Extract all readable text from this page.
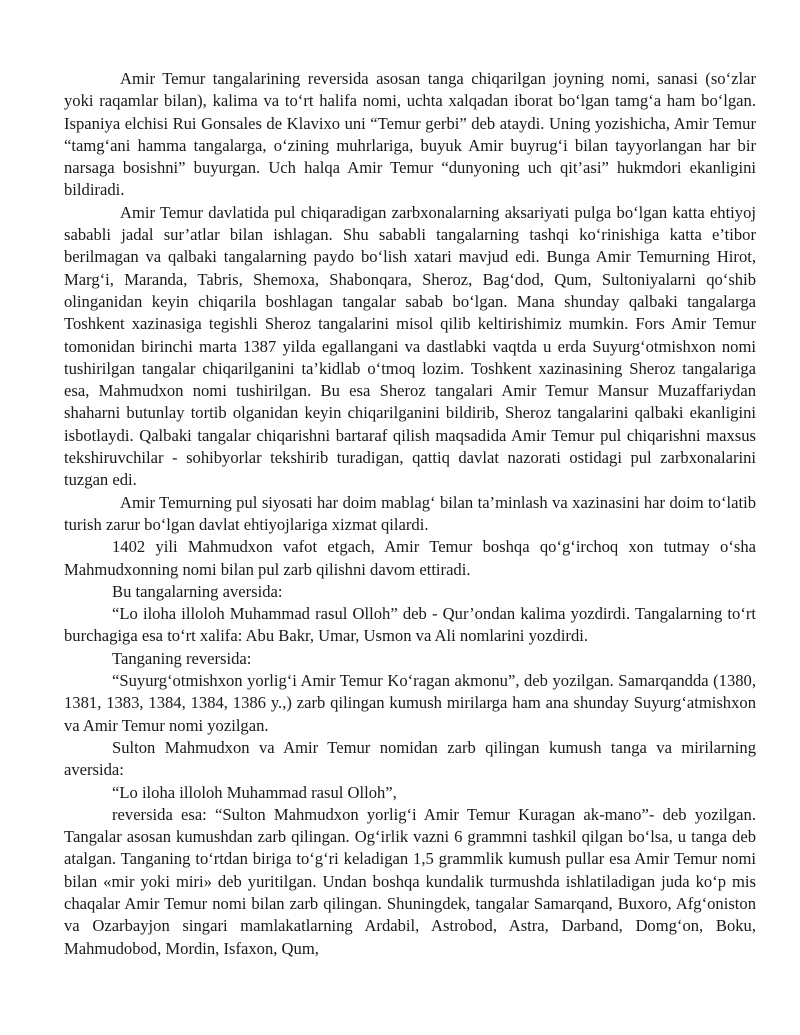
Amir Temur tangalarining reversida asosan tanga chiqarilgan joyning nomi, sanasi (so‘zlar yoki raqamlar bilan), kalima va to‘rt halifa nomi, uchta xalqadan iborat bo‘lgan tamg‘a ham bo‘lgan. Ispaniya elchisi Rui Gonsales de Klavixo uni “Temur gerbi” deb ataydi. Uning yozishicha, Amir Temur “tamg‘ani hamma tangalarga, o‘zining muhrlariga, buyuk Amir buyrug‘i bilan tayyorlangan har bir narsaga bosishni” buyurgan. Uch halqa Amir Temur “dunyoning uch qit’asi” hukmdori ekanligini bildiradi.

Amir Temur davlatida pul chiqaradigan zarbxonalarning aksariyati pulga bo‘lgan katta ehtiyoj sababli jadal sur’atlar bilan ishlagan. Shu sababli tangalarning tashqi ko‘rinishiga katta e’tibor berilmagan va qalbaki tangalarning paydo bo‘lish xatari mavjud edi. Bunga Amir Temurning Hirot, Marg‘i, Maranda, Tabris, Shemoxa, Shabonqara, Sheroz, Bag‘dod, Qum, Sultoniyalarni qo‘shib olinganidan keyin chiqarila boshlagan tangalar sabab bo‘lgan. Mana shunday qalbaki tangalarga Toshkent xazinasiga tegishli Sheroz tangalarini misol qilib keltirishimiz mumkin. Fors Amir Temur tomonidan birinchi marta 1387 yilda egallangani va dastlabki vaqtda u erda Suyurg‘otmishxon nomi tushirilgan tangalar chiqarilganini ta’kidlab o‘tmoq lozim. Toshkent xazinasining Sheroz tangalariga esa, Mahmudxon nomi tushirilgan. Bu esa Sheroz tangalari Amir Temur Mansur Muzaffariydan shaharni butunlay tortib olganidan keyin chiqarilganini bildirib, Sheroz tangalarini qalbaki ekanligini isbotlaydi. Qalbaki tangalar chiqarishni bartaraf qilish maqsadida Amir Temur pul chiqarishni maxsus tekshiruvchilar - sohibyorlar tekshirib turadigan, qattiq davlat nazorati ostidagi pul zarbxonalarini tuzgan edi.

Amir Temurning pul siyosati har doim mablag‘ bilan ta’minlash va xazinasini har doim to‘latib turish zarur bo‘lgan davlat ehtiyojlariga xizmat qilardi.

1402 yili Mahmudxon vafot etgach, Amir Temur boshqa qo‘g‘irchoq xon tutmay o‘sha Mahmudxonning nomi bilan pul zarb qilishni davom ettiradi.

Bu tangalarning aversida:

“Lo iloha illoloh Muhammad rasul Olloh” deb - Qur’ondan kalima yozdirdi. Tangalarning to‘rt burchagiga esa to‘rt xalifa: Abu Bakr, Umar, Usmon va Ali nomlarini yozdirdi.

Tanganing reversida:

“Suyurg‘otmishxon yorlig‘i Amir Temur Ko‘ragan akmonu”, deb yozilgan. Samarqandda (1380, 1381, 1383, 1384, 1384, 1386 y.,) zarb qilingan kumush mirilarga ham ana shunday Suyurg‘atmishxon va Amir Temur nomi yozilgan.

Sulton Mahmudxon va Amir Temur nomidan zarb qilingan kumush tanga va mirilarning aversida:

“Lo iloha illoloh Muhammad rasul Olloh”,

reversida esa: “Sulton Mahmudxon yorlig‘i Amir Temur Kuragan ak-mano”- deb yozilgan. Tangalar asosan kumushdan zarb qilingan. Og‘irlik vazni 6 grammni tashkil qilgan bo‘lsa, u tanga deb atalgan. Tanganing to‘rtdan biriga to‘g‘ri keladigan 1,5 grammlik kumush pullar esa Amir Temur nomi bilan «mir yoki miri» deb yuritilgan. Undan boshqa kundalik turmushda ishlatiladigan juda ko‘p mis chaqalar Amir Temur nomi bilan zarb qilingan. Shuningdek, tangalar Samarqand, Buxoro, Afg‘oniston va Ozarbayjon singari mamlakatlarning Ardabil, Astrobod, Astra, Darband, Domg‘on, Boku, Mahmudobod, Mordin, Isfaxon, Qum,
